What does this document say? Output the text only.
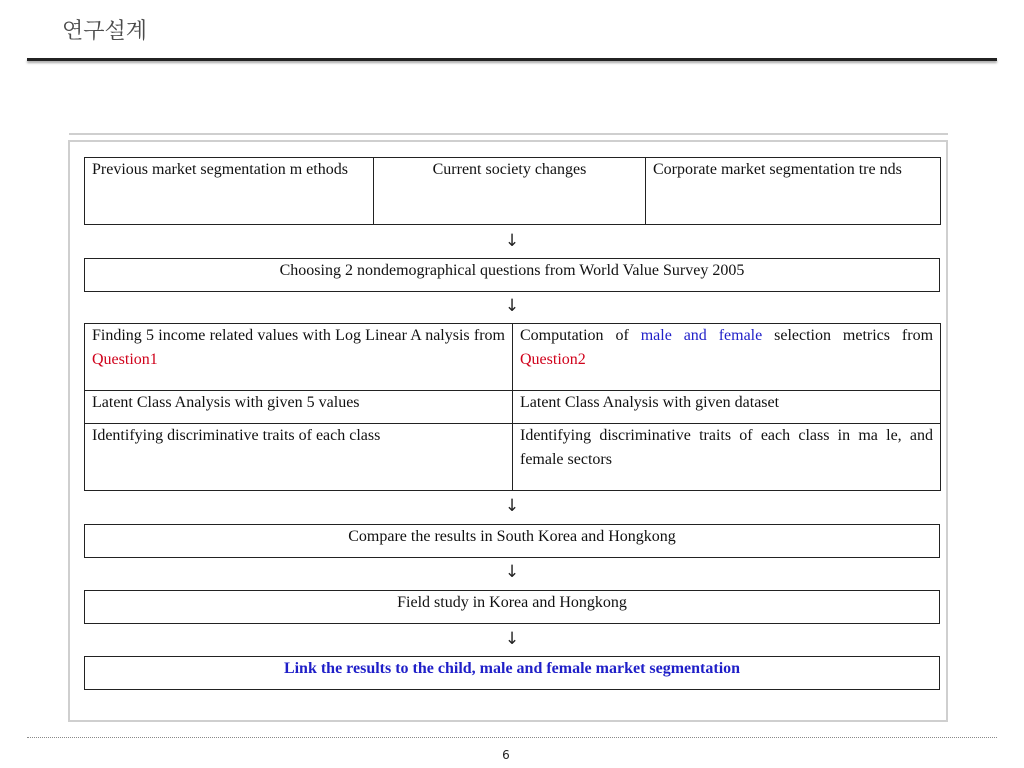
연구설계
Previous market segmentation m ethods	Current society changes	Corporate market segmentation tre nds
↓
Choosing 2 nondemographical questions from World Value Survey 2005
↓
Finding 5 income related values with Log Linear A nalysis from Question1	Computation of male and female selection metrics from Question2
Latent Class Analysis with given 5 values	Latent Class Analysis with given dataset
Identifying discriminative traits of each class	Identifying discriminative traits of each class in ma le, and female sectors
↓
Compare the results in South Korea and Hongkong
↓
Field study in Korea and Hongkong
↓
Link the results to the child, male and female market segmentation
6
